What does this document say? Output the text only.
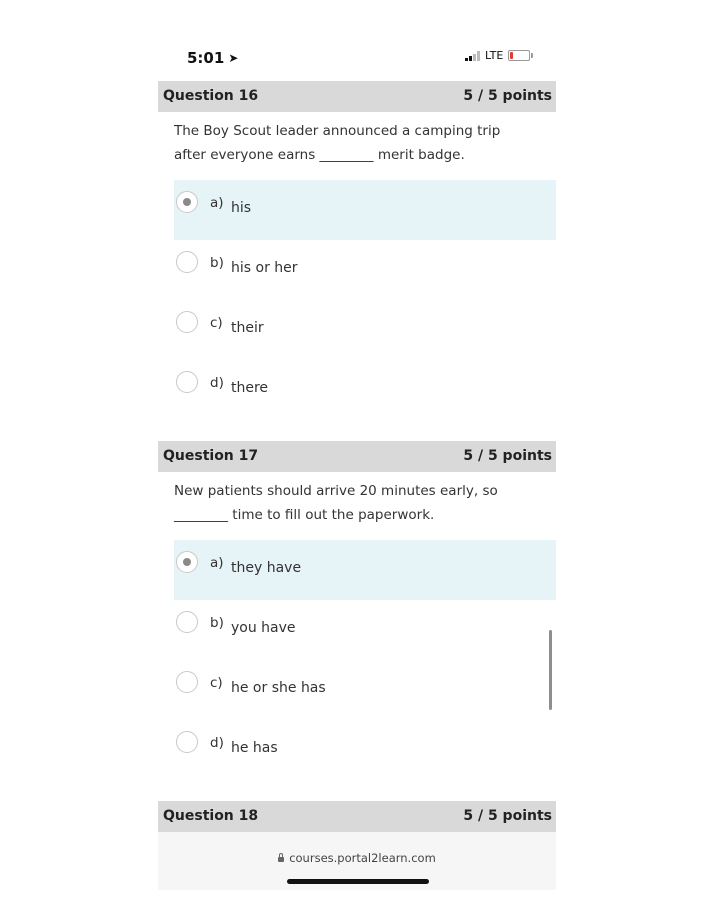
5:01 ➤	LTE
Question 16	5 / 5 points
The Boy Scout leader announced a camping trip
after everyone earns ________ merit badge.
a) his
b) his or her
c) their
d) there
Question 17	5 / 5 points
New patients should arrive 20 minutes early, so
________ time to fill out the paperwork.
a) they have
b) you have
c) he or she has
d) he has
Question 18	5 / 5 points
courses.portal2learn.com
